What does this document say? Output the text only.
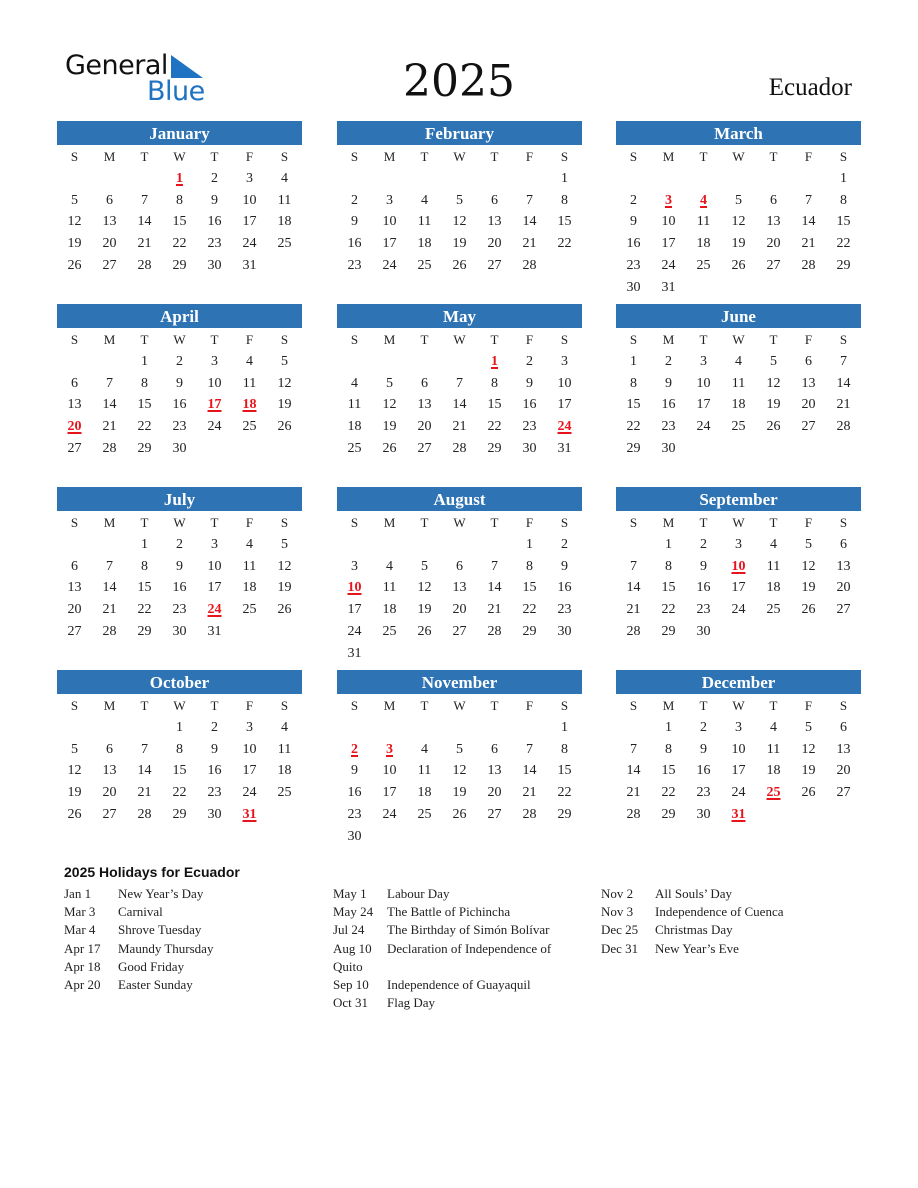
General
Blue	2025	Ecuador
January
S	M	T	W	T	F	S
			1	2	3	4
5	6	7	8	9	10	11
12	13	14	15	16	17	18
19	20	21	22	23	24	25
26	27	28	29	30	31	
February
S	M	T	W	T	F	S
						1
2	3	4	5	6	7	8
9	10	11	12	13	14	15
16	17	18	19	20	21	22
23	24	25	26	27	28	
March
S	M	T	W	T	F	S
						1
2	3	4	5	6	7	8
9	10	11	12	13	14	15
16	17	18	19	20	21	22
23	24	25	26	27	28	29
30	31					
April
S	M	T	W	T	F	S
		1	2	3	4	5
6	7	8	9	10	11	12
13	14	15	16	17	18	19
20	21	22	23	24	25	26
27	28	29	30			
May
S	M	T	W	T	F	S
				1	2	3
4	5	6	7	8	9	10
11	12	13	14	15	16	17
18	19	20	21	22	23	24
25	26	27	28	29	30	31
June
S	M	T	W	T	F	S
1	2	3	4	5	6	7
8	9	10	11	12	13	14
15	16	17	18	19	20	21
22	23	24	25	26	27	28
29	30					
July
S	M	T	W	T	F	S
		1	2	3	4	5
6	7	8	9	10	11	12
13	14	15	16	17	18	19
20	21	22	23	24	25	26
27	28	29	30	31		
August
S	M	T	W	T	F	S
					1	2
3	4	5	6	7	8	9
10	11	12	13	14	15	16
17	18	19	20	21	22	23
24	25	26	27	28	29	30
31						
September
S	M	T	W	T	F	S
	1	2	3	4	5	6
7	8	9	10	11	12	13
14	15	16	17	18	19	20
21	22	23	24	25	26	27
28	29	30				
October
S	M	T	W	T	F	S
			1	2	3	4
5	6	7	8	9	10	11
12	13	14	15	16	17	18
19	20	21	22	23	24	25
26	27	28	29	30	31	
November
S	M	T	W	T	F	S
						1
2	3	4	5	6	7	8
9	10	11	12	13	14	15
16	17	18	19	20	21	22
23	24	25	26	27	28	29
30						
December
S	M	T	W	T	F	S
	1	2	3	4	5	6
7	8	9	10	11	12	13
14	15	16	17	18	19	20
21	22	23	24	25	26	27
28	29	30	31			
2025 Holidays for Ecuador
Jan 1	New Year’s Day
Mar 3	Carnival
Mar 4	Shrove Tuesday
Apr 17	Maundy Thursday
Apr 18	Good Friday
Apr 20	Easter Sunday
May 1	Labour Day
May 24	The Battle of Pichincha
Jul 24	The Birthday of Simón Bolívar
Aug 10	Declaration of Independence of
Quito
Sep 10	Independence of Guayaquil
Oct 31	Flag Day
Nov 2	All Souls’ Day
Nov 3	Independence of Cuenca
Dec 25	Christmas Day
Dec 31	New Year’s Eve
